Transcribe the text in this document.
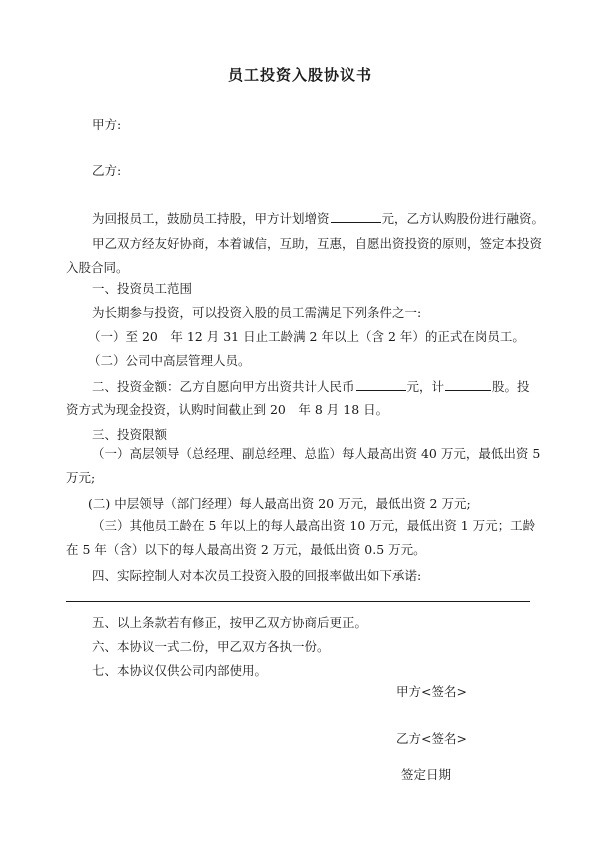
员工投资入股协议书
甲方:
乙方:
为回报员工，鼓励员工持股，甲方计划增资	元，乙方认购股份进行融资。
甲乙双方经友好协商，本着诚信，互助，互惠，自愿出资投资的原则，签定本投资入股合同。
一、投资员工范围
为长期参与投资，可以投资入股的员工需满足下列条件之一:
（一）至 20　年 12 月 31 日止工龄满 2 年以上（含 2 年）的正式在岗员工。
（二）公司中高层管理人员。
二、投资金额：乙方自愿向甲方出资共计人民币	元，计	股。投
资方式为现金投资，认购时间截止到 20　年 8 月 18 日。
三、投资限额
（一）高层领导（总经理、副总经理、总监）每人最高出资 40 万元，最低出资 5 万元;
(二) 中层领导（部门经理）每人最高出资 20 万元，最低出资 2 万元;
（三）其他员工龄在 5 年以上的每人最高出资 10 万元，最低出资 1 万元；工龄在 5 年（含）以下的每人最高出资 2 万元，最低出资 0.5 万元。
四、实际控制人对本次员工投资入股的回报率做出如下承诺:
五、以上条款若有修正，按甲乙双方协商后更正。
六、本协议一式二份，甲乙双方各执一份。
七、本协议仅供公司内部使用。
甲方<签名>
乙方<签名>
签定日期
